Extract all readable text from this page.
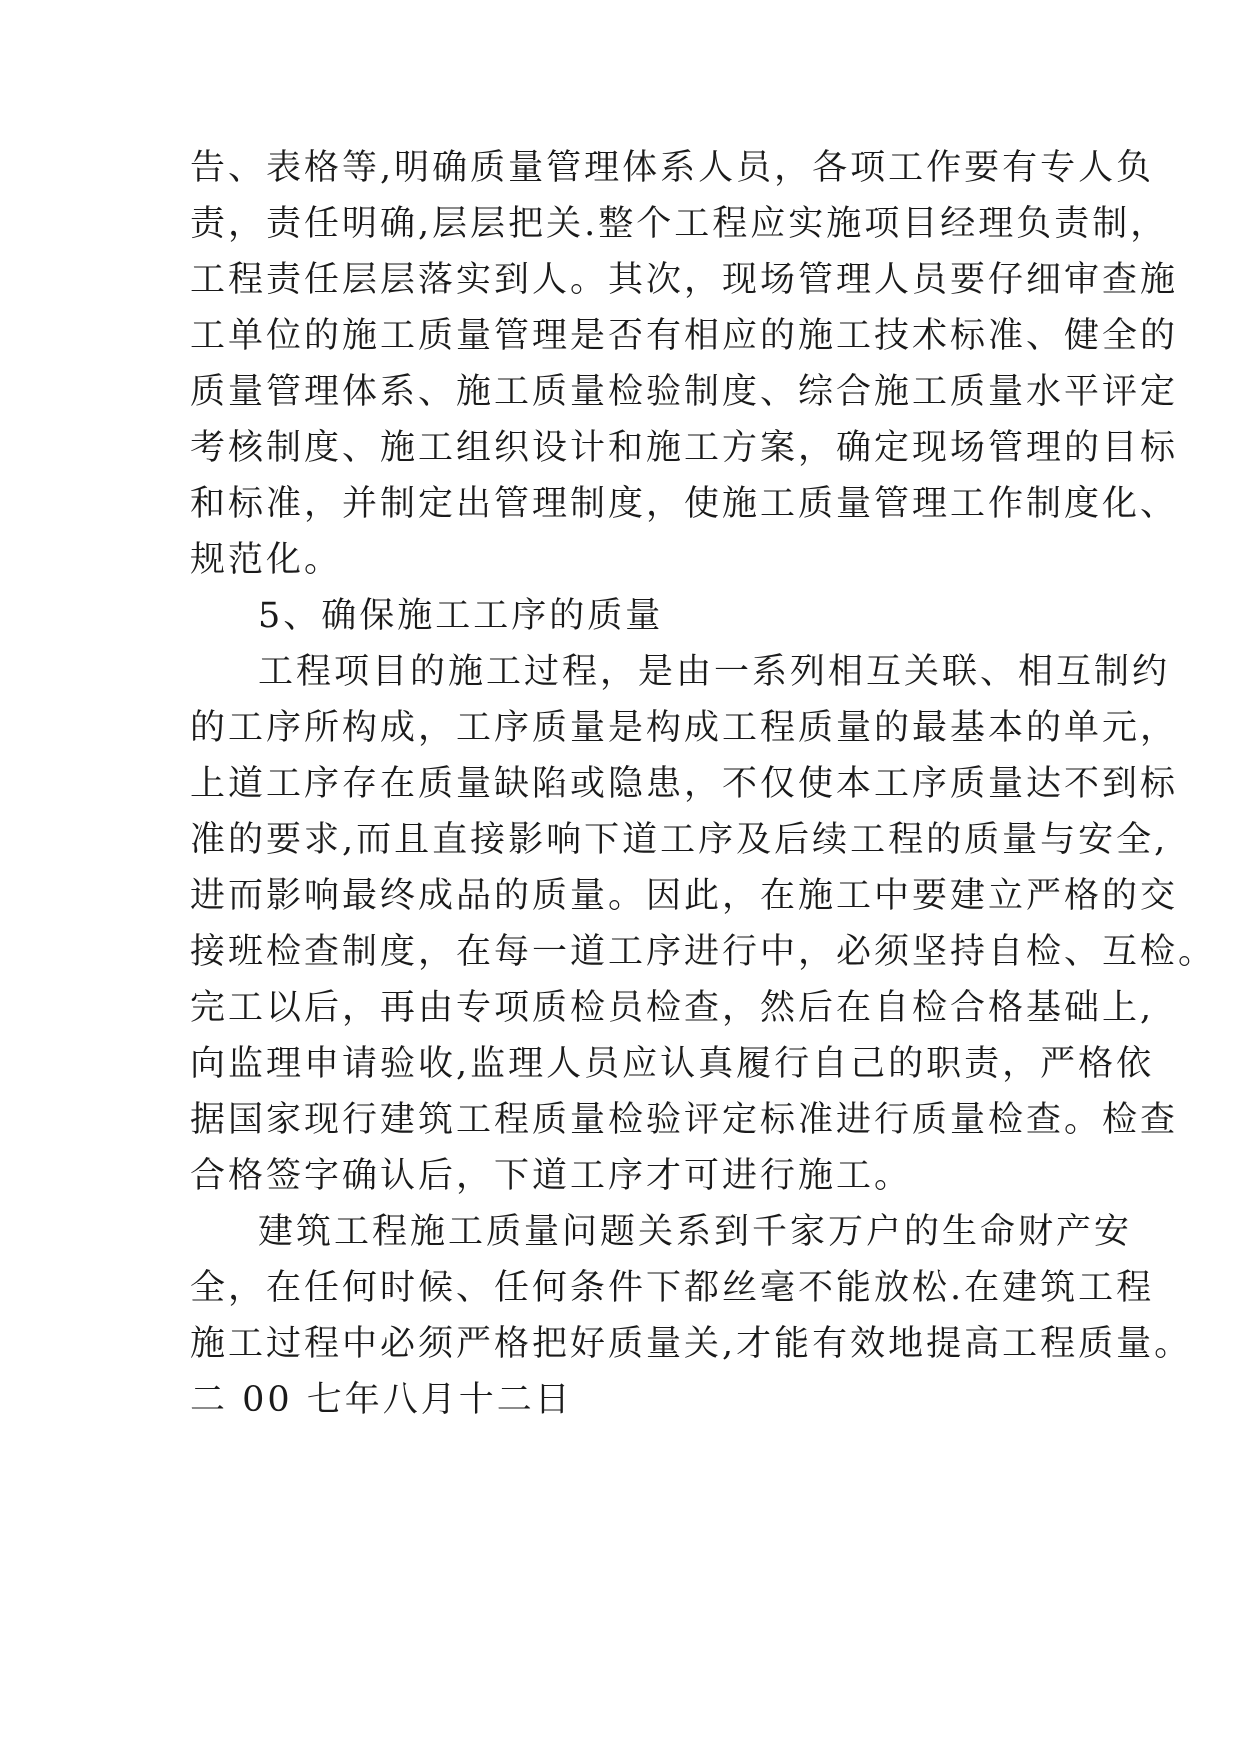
告、表格等,明确质量管理体系人员，各项工作要有专人负
责，责任明确,层层把关.整个工程应实施项目经理负责制，
工程责任层层落实到人。其次，现场管理人员要仔细审查施
工单位的施工质量管理是否有相应的施工技术标准、健全的
质量管理体系、施工质量检验制度、综合施工质量水平评定
考核制度、施工组织设计和施工方案，确定现场管理的目标
和标准，并制定出管理制度，使施工质量管理工作制度化、
规范化。
5、确保施工工序的质量
工程项目的施工过程，是由一系列相互关联、相互制约
的工序所构成，工序质量是构成工程质量的最基本的单元，
上道工序存在质量缺陷或隐患，不仅使本工序质量达不到标
准的要求,而且直接影响下道工序及后续工程的质量与安全,
进而影响最终成品的质量。因此，在施工中要建立严格的交
接班检查制度，在每一道工序进行中，必须坚持自检、互检。
完工以后，再由专项质检员检查，然后在自检合格基础上,
向监理申请验收,监理人员应认真履行自己的职责，严格依
据国家现行建筑工程质量检验评定标准进行质量检查。检查
合格签字确认后，下道工序才可进行施工。
建筑工程施工质量问题关系到千家万户的生命财产安
全，在任何时候、任何条件下都丝毫不能放松.在建筑工程
施工过程中必须严格把好质量关,才能有效地提高工程质量。
二 00 七年八月十二日
